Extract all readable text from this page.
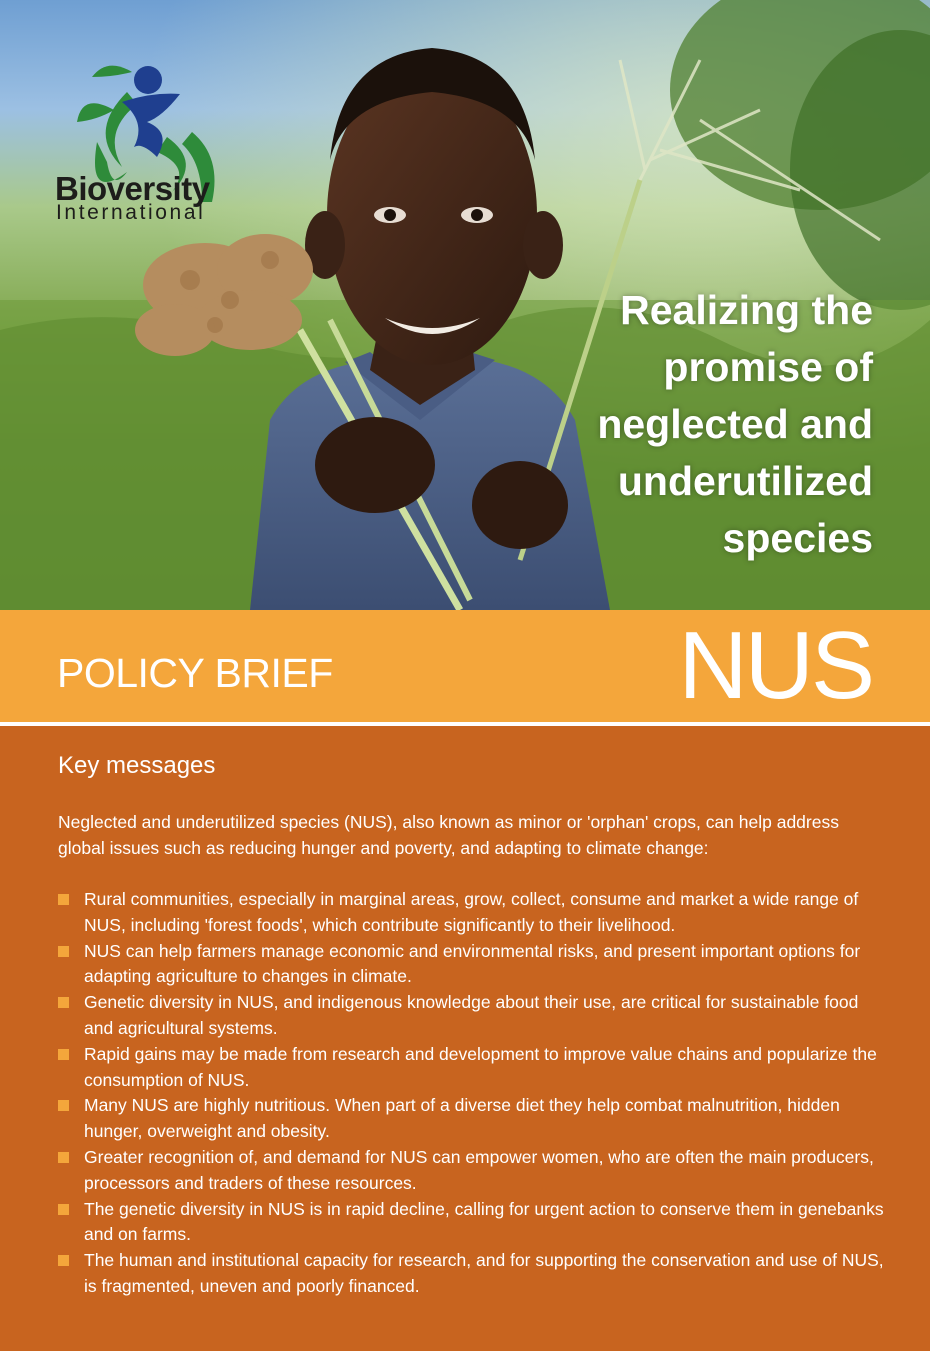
Bioversity
International
Realizing the
promise of
neglected and
underutilized
species
POLICY BRIEF	NUS
Key messages

Neglected and underutilized species (NUS), also known as minor or 'orphan' crops, can help address global issues such as reducing hunger and poverty, and adapting to climate change:

Rural communities, especially in marginal areas, grow, collect, consume and market a wide range of NUS, including 'forest foods', which contribute significantly to their livelihood.
NUS can help farmers manage economic and environmental risks, and present important options for adapting agriculture to changes in climate.
Genetic diversity in NUS, and indigenous knowledge about their use, are critical for sustainable food and agricultural systems.
Rapid gains may be made from research and development to improve value chains and popularize the consumption of NUS.
Many NUS are highly nutritious. When part of a diverse diet they help combat malnutrition, hidden hunger, overweight and obesity.
Greater recognition of, and demand for NUS can empower women, who are often the main producers, processors and traders of these resources.
The genetic diversity in NUS is in rapid decline, calling for urgent action to conserve them in genebanks and on farms.
The human and institutional capacity for research, and for supporting the conservation and use of NUS, is fragmented, uneven and poorly financed.
